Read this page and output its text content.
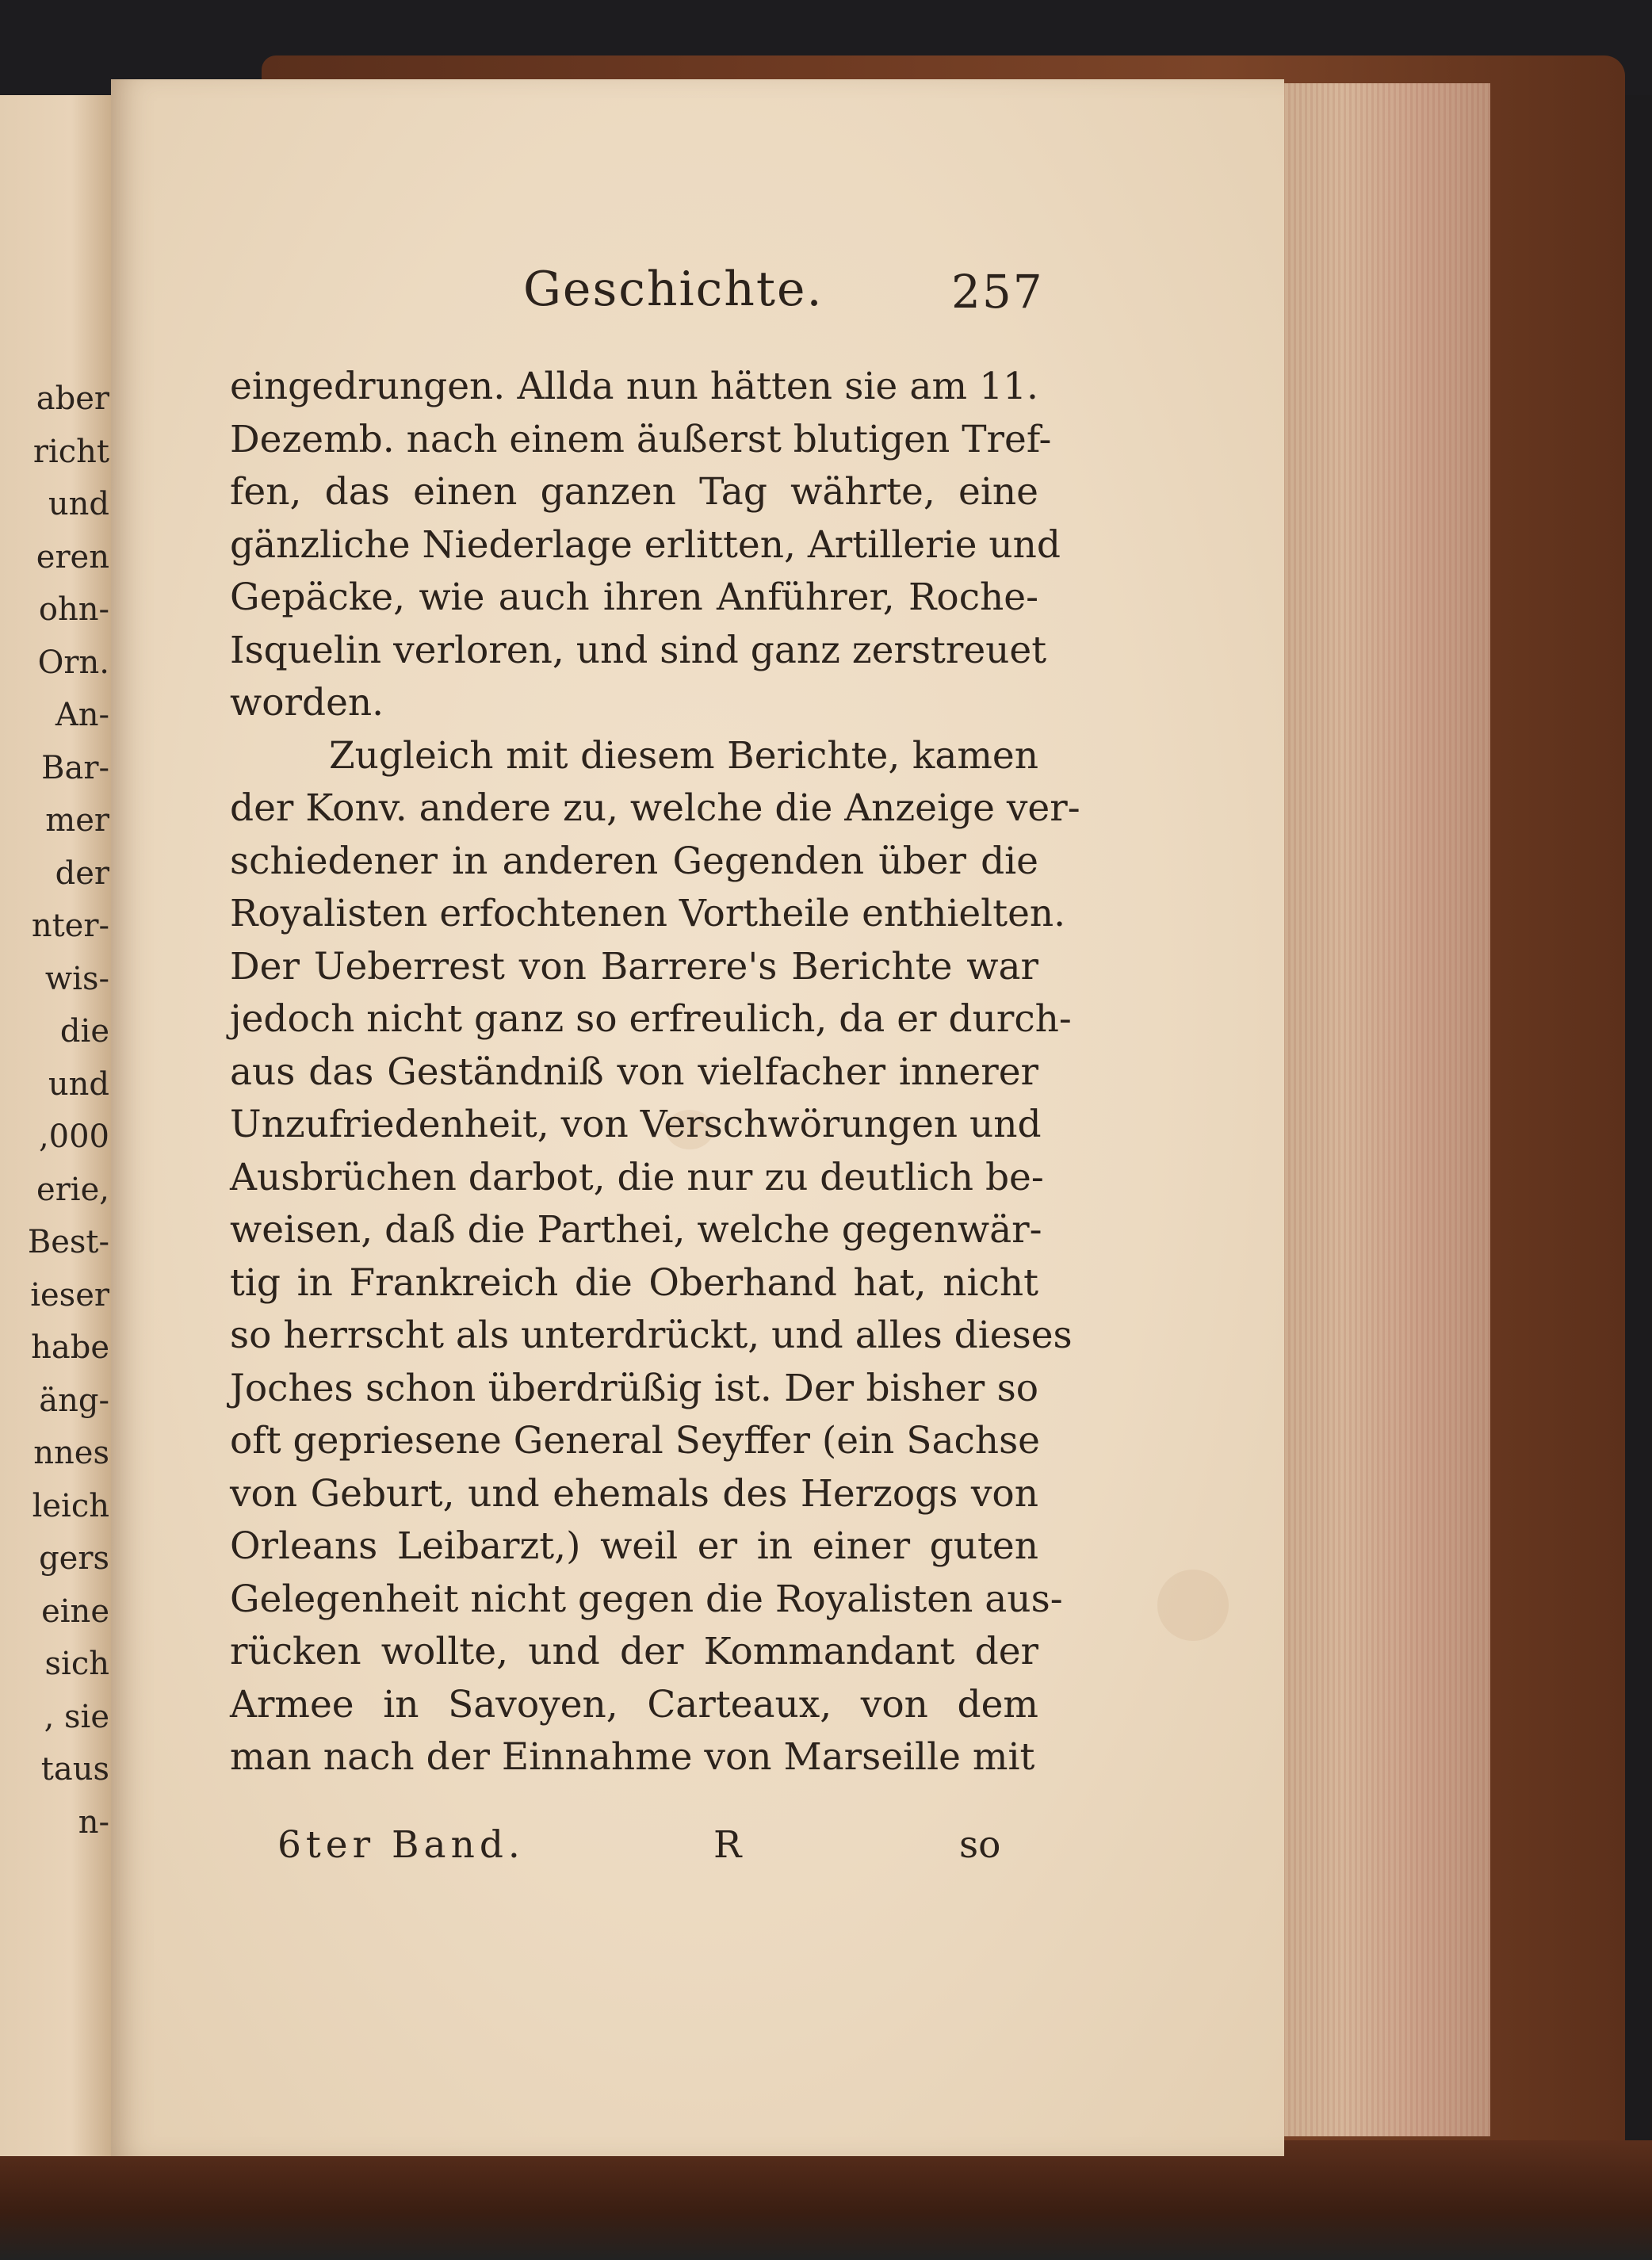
aber
richt
und
eren
ohn-
Orn.
An-
Bar-
mer
der
nter-
wis-
die
und
,000
erie,
Best-
ieser
habe
äng-
nnes
leich
gers
eine
sich
, sie
taus
n-
Geschichte.	257
eingedrungen. Allda nun hätten sie am 11.
Dezemb. nach einem äußerst blutigen Tref-
fen, das einen ganzen Tag währte, eine
gänzliche Niederlage erlitten, Artillerie und
Gepäcke, wie auch ihren Anführer, Roche-
Isquelin verloren, und sind ganz zerstreuet
worden.
Zugleich mit diesem Berichte, kamen
der Konv. andere zu, welche die Anzeige ver-
schiedener in anderen Gegenden über die
Royalisten erfochtenen Vortheile enthielten.
Der Ueberrest von Barrere's Berichte war
jedoch nicht ganz so erfreulich, da er durch-
aus das Geständniß von vielfacher innerer
Unzufriedenheit, von Verschwörungen und
Ausbrüchen darbot, die nur zu deutlich be-
weisen, daß die Parthei, welche gegenwär-
tig in Frankreich die Oberhand hat, nicht
so herrscht als unterdrückt, und alles dieses
Joches schon überdrüßig ist. Der bisher so
oft gepriesene General Seyffer (ein Sachse
von Geburt, und ehemals des Herzogs von
Orleans Leibarzt,) weil er in einer guten
Gelegenheit nicht gegen die Royalisten aus-
rücken wollte, und der Kommandant der
Armee in Savoyen, Carteaux, von dem
man nach der Einnahme von Marseille mit
6ter Band.	R	so
